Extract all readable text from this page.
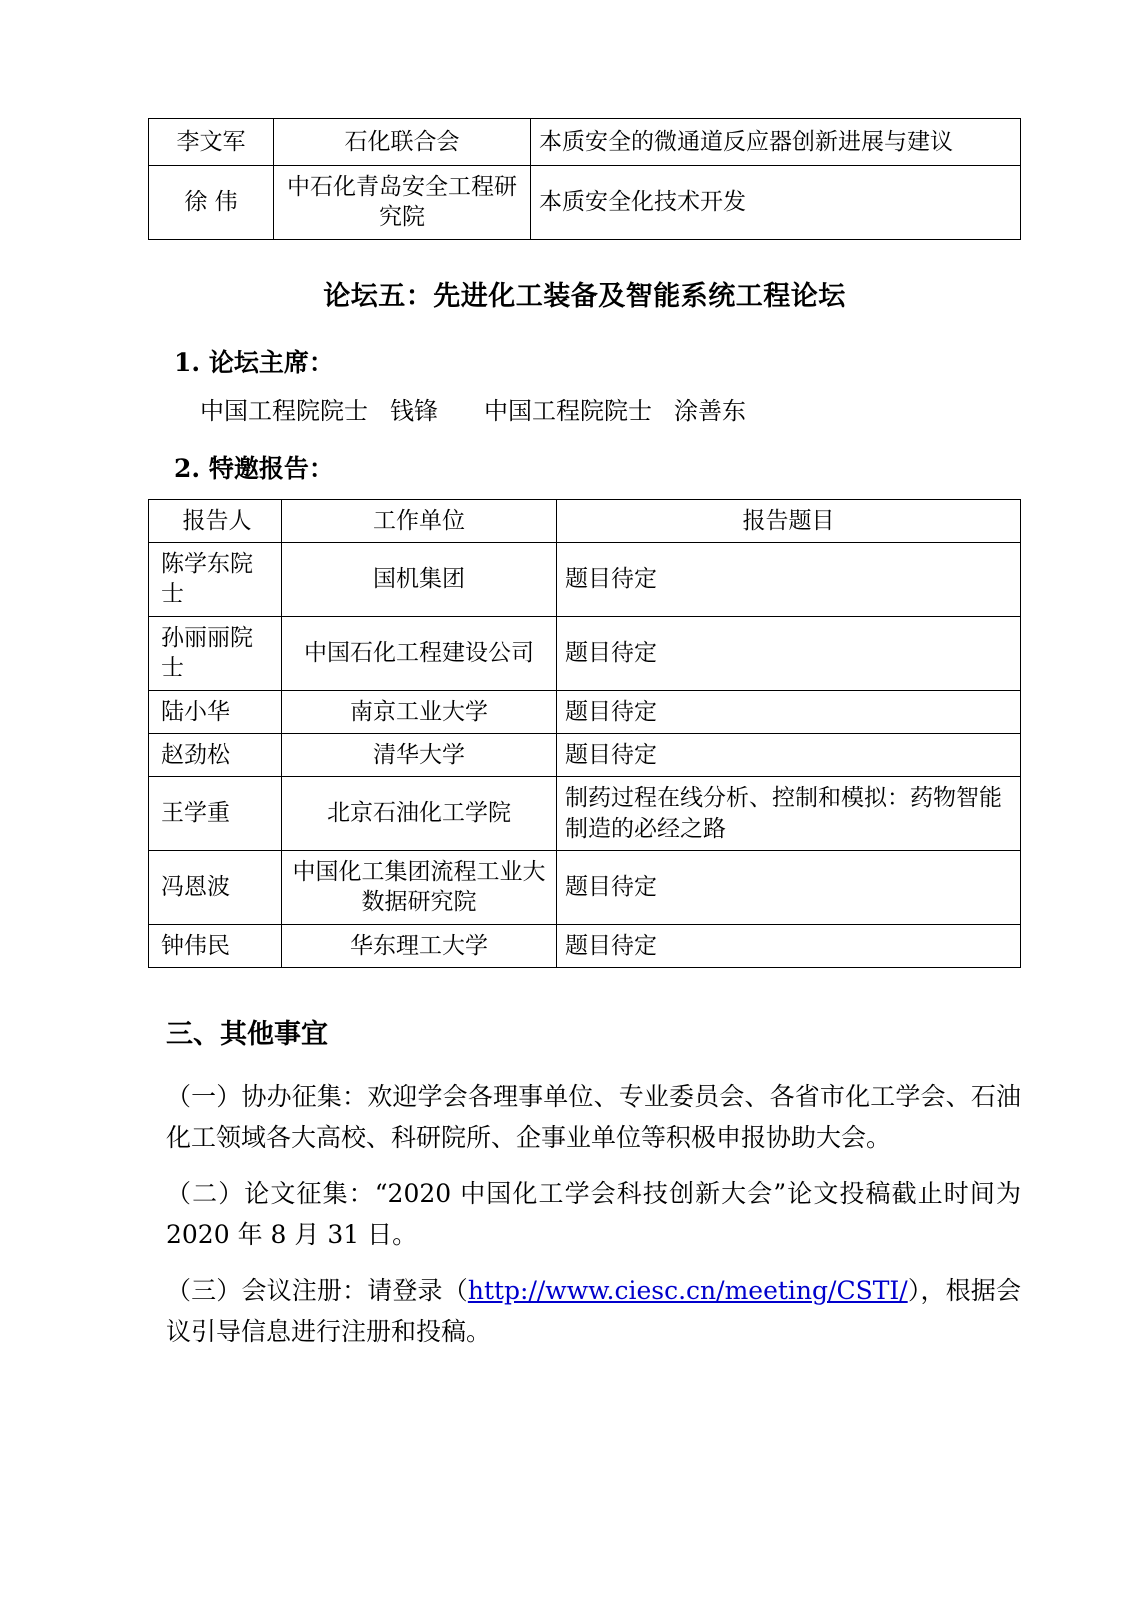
李文军	石化联合会	本质安全的微通道反应器创新进展与建议
徐 伟	中石化青岛安全工程研究院	本质安全化技术开发
论坛五：先进化工装备及智能系统工程论坛
1. 论坛主席：

中国工程院院士 钱锋 中国工程院院士 涂善东

2. 特邀报告：
报告人	工作单位	报告题目
陈学东院士	国机集团	题目待定
孙丽丽院士	中国石化工程建设公司	题目待定
陆小华	南京工业大学	题目待定
赵劲松	清华大学	题目待定
王学重	北京石油化工学院	制药过程在线分析、控制和模拟：药物智能制造的必经之路
冯恩波	中国化工集团流程工业大数据研究院	题目待定
钟伟民	华东理工大学	题目待定
三、其他事宜

（一）协办征集：欢迎学会各理事单位、专业委员会、各省市化工学会、石油化工领域各大高校、科研院所、企事业单位等积极申报协助大会。

（二）论文征集：“2020 中国化工学会科技创新大会”论文投稿截止时间为 2020 年 8 月 31 日。

（三）会议注册：请登录（http://www.ciesc.cn/meeting/CSTI/），根据会议引导信息进行注册和投稿。
